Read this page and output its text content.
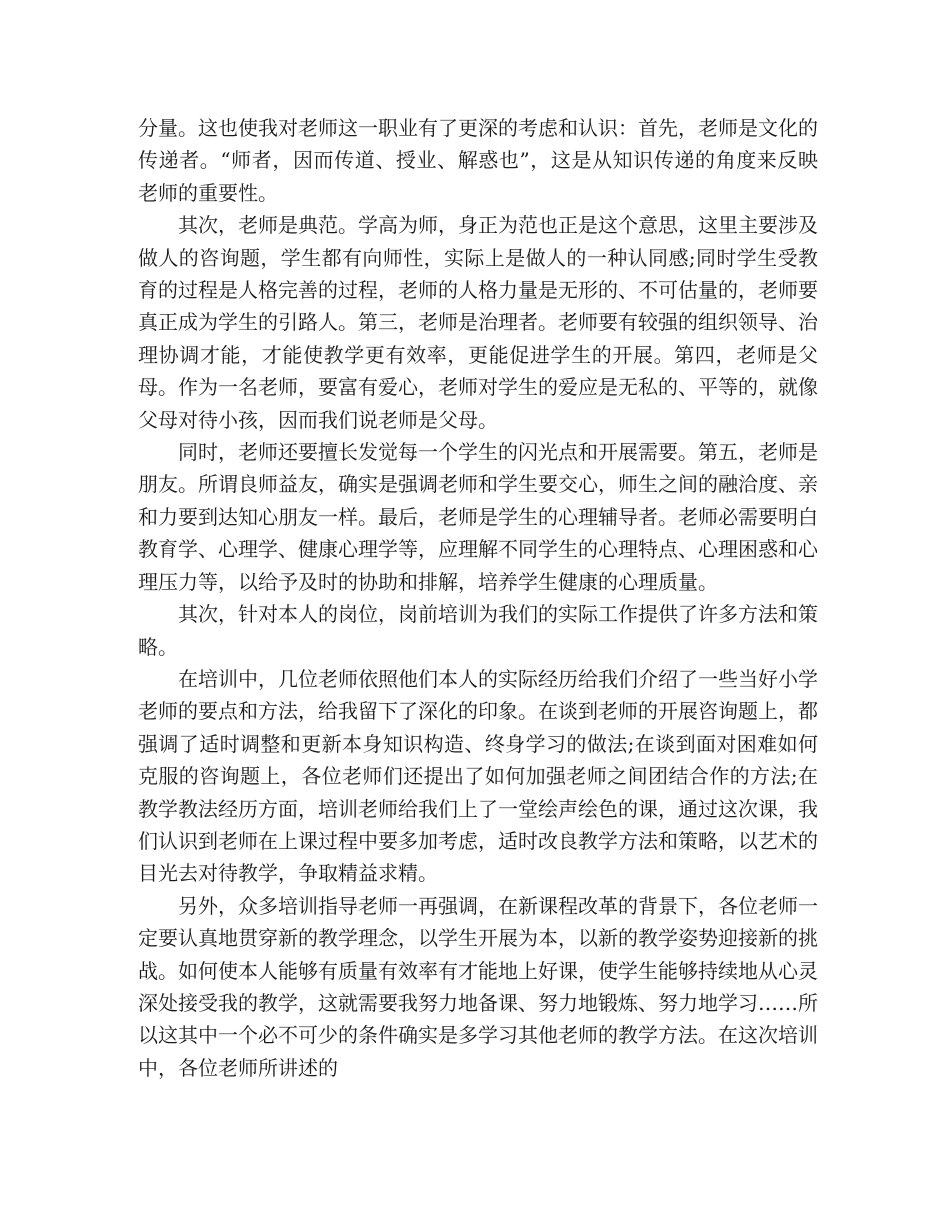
分量。这也使我对老师这一职业有了更深的考虑和认识：首先，老师是文化的传递者。“师者，因而传道、授业、解惑也”，这是从知识传递的角度来反映老师的重要性。

其次，老师是典范。学高为师，身正为范也正是这个意思，这里主要涉及做人的咨询题，学生都有向师性，实际上是做人的一种认同感;同时学生受教育的过程是人格完善的过程，老师的人格力量是无形的、不可估量的，老师要真正成为学生的引路人。第三，老师是治理者。老师要有较强的组织领导、治理协调才能，才能使教学更有效率，更能促进学生的开展。第四，老师是父母。作为一名老师，要富有爱心，老师对学生的爱应是无私的、平等的，就像父母对待小孩，因而我们说老师是父母。

同时，老师还要擅长发觉每一个学生的闪光点和开展需要。第五，老师是朋友。所谓良师益友，确实是强调老师和学生要交心，师生之间的融洽度、亲和力要到达知心朋友一样。最后，老师是学生的心理辅导者。老师必需要明白教育学、心理学、健康心理学等，应理解不同学生的心理特点、心理困惑和心理压力等，以给予及时的协助和排解，培养学生健康的心理质量。

其次，针对本人的岗位，岗前培训为我们的实际工作提供了许多方法和策略。

在培训中，几位老师依照他们本人的实际经历给我们介绍了一些当好小学老师的要点和方法，给我留下了深化的印象。在谈到老师的开展咨询题上，都强调了适时调整和更新本身知识构造、终身学习的做法;在谈到面对困难如何克服的咨询题上，各位老师们还提出了如何加强老师之间团结合作的方法;在教学教法经历方面，培训老师给我们上了一堂绘声绘色的课，通过这次课，我们认识到老师在上课过程中要多加考虑，适时改良教学方法和策略，以艺术的目光去对待教学，争取精益求精。

另外，众多培训指导老师一再强调，在新课程改革的背景下，各位老师一定要认真地贯穿新的教学理念，以学生开展为本，以新的教学姿势迎接新的挑战。如何使本人能够有质量有效率有才能地上好课，使学生能够持续地从心灵深处接受我的教学，这就需要我努力地备课、努力地锻炼、努力地学习……所以这其中一个必不可少的条件确实是多学习其他老师的教学方法。在这次培训中，各位老师所讲述的
